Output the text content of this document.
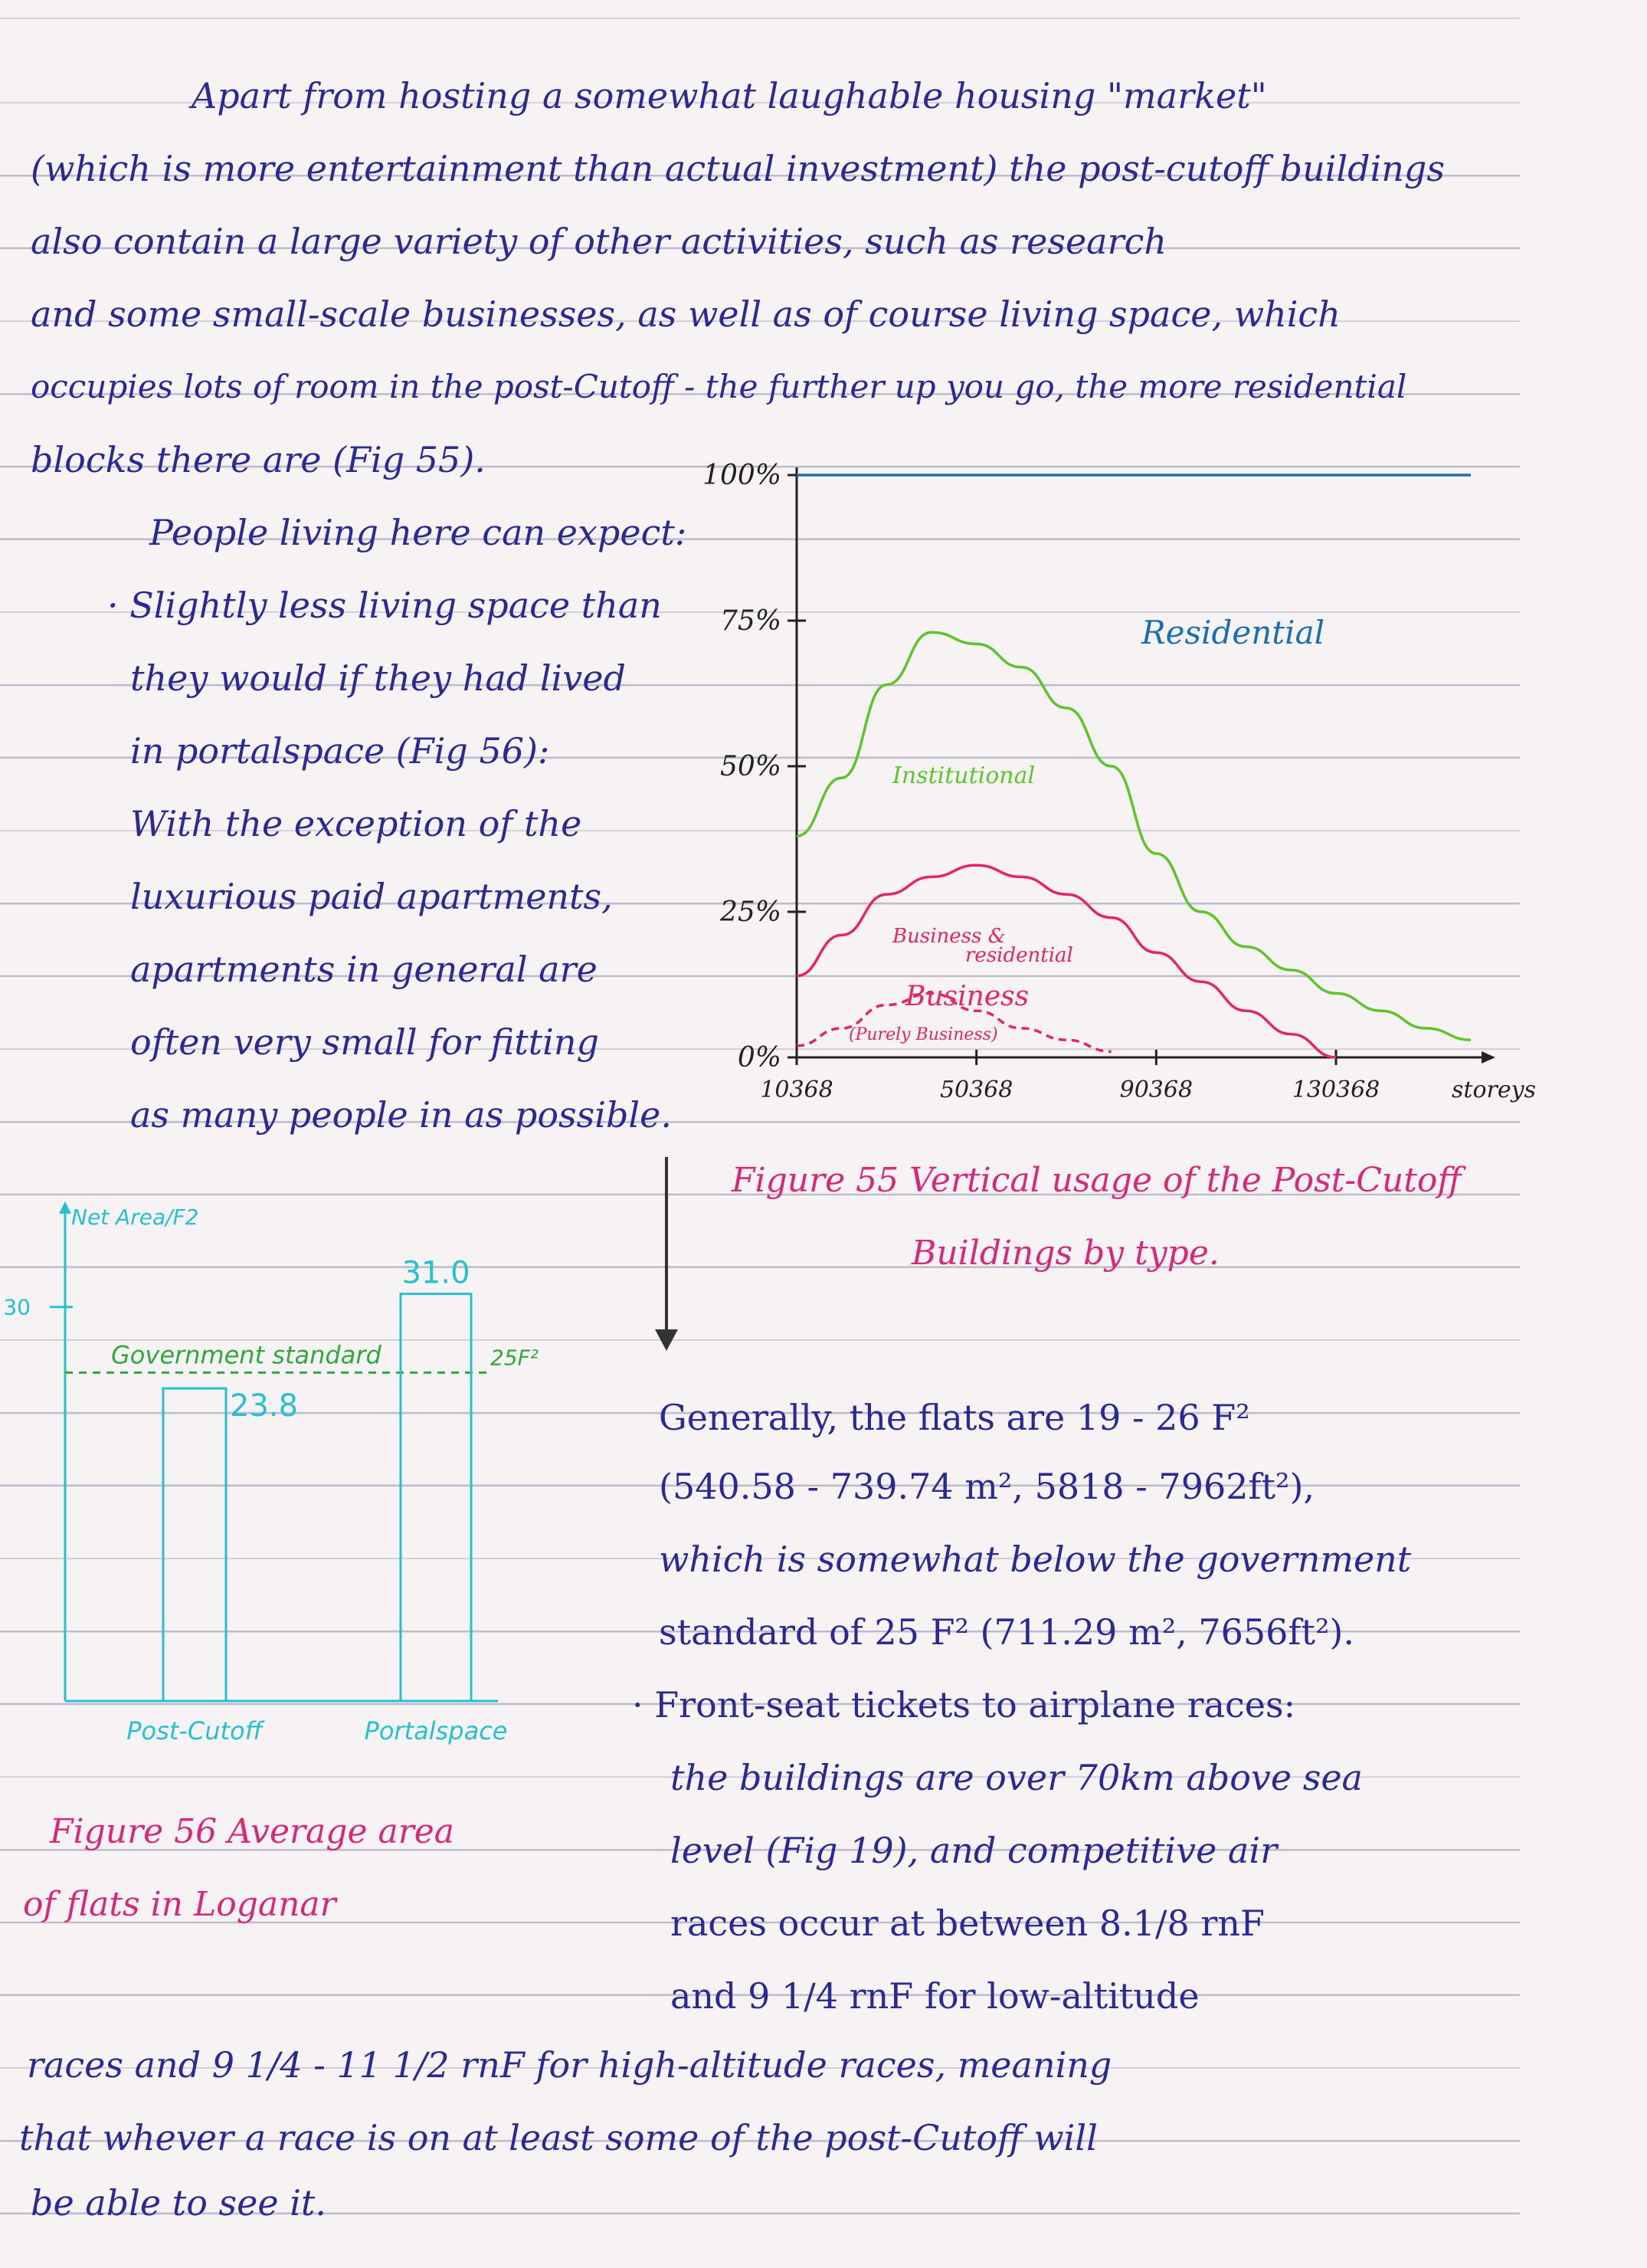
Apart from hosting a somewhat laughable housing "market"
(which is more entertainment than actual investment) the post-cutoff buildings
also contain a large variety of other activities, such as research
and some small-scale businesses, as well as of course living space, which
occupies lots of room in the post-Cutoff - the further up you go, the more residential
blocks there are (Fig 55).
People living here can expect:
· Slightly less living space than
they would if they had lived
in portalspace (Fig 56):
With the exception of the
luxurious paid apartments,
apartments in general are
often very small for fitting
as many people in as possible.
0%
25%
50%
75%
100%
10368	50368	90368	130368	storeys
Residential
Institutional
Business &
residential
Business
(Purely Business)
Figure 55 Vertical usage of the Post-Cutoff
Buildings by type.
Net Area/F2
30
Government standard	25F²
23.8
Post-Cutoff
31.0
Portalspace
Figure 56 Average area
of flats in Loganar
Generally, the flats are 19 - 26 F²
(540.58 - 739.74 m², 5818 - 7962ft²),
which is somewhat below the government
standard of 25 F² (711.29 m², 7656ft²).
· Front-seat tickets to airplane races:
the buildings are over 70km above sea
level (Fig 19), and competitive air
races occur at between 8.1/8 rnF
and 9 1/4 rnF for low-altitude
races and 9 1/4 - 11 1/2 rnF for high-altitude races, meaning
that whever a race is on at least some of the post-Cutoff will
be able to see it.
